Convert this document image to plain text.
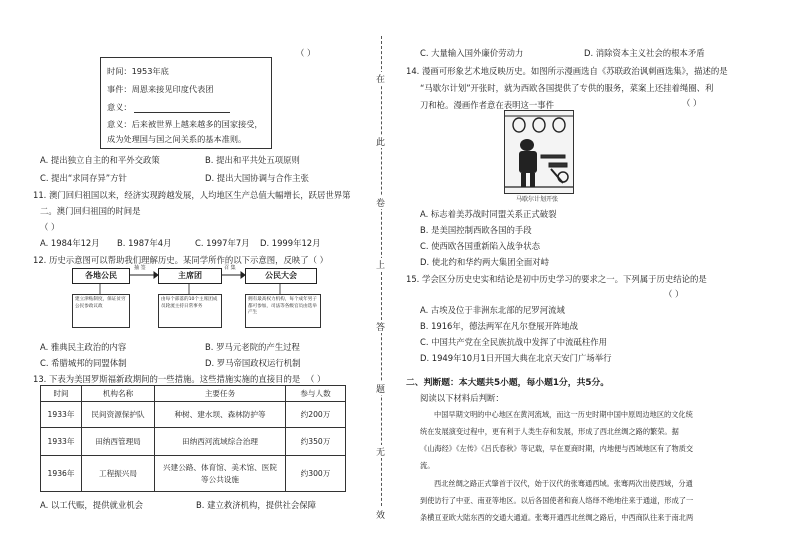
（ ）
时间：1953年底
事件：周恩来接见印度代表团
意义：
意义：后来被世界上越来越多的国家接受，
成为处理国与国之间关系的基本准则。
A. 提出独立自主的和平外交政策	B. 提出和平共处五项原则
C. 提出“求同存异”方针	D. 提出大国协调与合作主张
11. 澳门回归祖国以来，经济实现跨越发展，人均地区生产总值大幅增长，跃居世界第
二。澳门回归祖国的时间是
（ ）
A. 1984年12月 B. 1987年4月	C. 1997年7月 D. 1999年12月
12. 历史示意图可以帮助我们理解历史。某同学所作的以下示意图，反映了（ ）
各地公民	主席团	公民大会
抽 签	召 集
建立津贴制度，保证贫穷公民参政议政
由每个部落的10个主席团成员轮流主持日常事务
拥有最高权力机构，每个成年男子都可参加，司法等各级官员由选举产生
A. 雅典民主政治的内容	B. 罗马元老院的产生过程
C. 希腊城邦的同盟体制	D. 罗马帝国政权运行机制
13. 下表为美国罗斯福新政期间的一些措施。这些措施实施的直接目的是 （ ）
时间	机构名称	主要任务	参与人数
1933年	民间资源保护队	种树、建水坝、森林防护等	约200万
1933年	田纳西管理局	田纳西河流域综合治理	约350万
1936年	工程振兴局	兴建公路、体育馆、美术馆、医院等公共设施	约300万
A. 以工代赈，提供就业机会	B. 建立救济机构，提供社会保障
在
此
卷
上
答
题
无
效
C. 大量输入国外廉价劳动力	D. 消除资本主义社会的根本矛盾
14. 漫画可形象艺术地反映历史。如图所示漫画选自《苏联政治讽刺画选集》，描述的是
“马歇尔计划”开张时，就为西欧各国提供了专供的服务，菜案上还挂着绳圈、利
刀和枪。漫画作者意在表明这一事件	（ ）
马歇尔计划开张
A. 标志着美苏战时同盟关系正式破裂
B. 是美国控制西欧各国的手段
C. 使西欧各国重新陷入战争状态
D. 使北约和华约两大集团全面对峙
15. 学会区分历史史实和结论是初中历史学习的要求之一。下列属于历史结论的是
（ ）
A. 古埃及位于非洲东北部的尼罗河流域
B. 1916年，德法两军在凡尔登展开阵地战
C. 中国共产党在全民族抗战中发挥了中流砥柱作用
D. 1949年10月1日开国大典在北京天安门广场举行
二、判断题：本大题共5小题，每小题1分，共5分。
阅读以下材料后判断：
中国早期文明的中心地区在黄河流域，而这一历史时期中国中原周边地区的文化统
统在发展演变过程中，更有利于人类生存和发展，形成了西北丝绸之路的繁荣。据
《山海经》《左传》《吕氏春秋》等记载，早在夏商时期，内地便与西域地区有了物质交
流。
西北丝绸之路正式肇首于汉代，始于汉代的张骞通西域。张骞两次出使西域，分通
到使访行了中亚、南亚等地区。以后各国使者和商人络绎不绝地往来于通道，形成了一
条横亘亚欧大陆东西的交通大通道。张骞开通西北丝绸之路后，中西商队往来于南北两
